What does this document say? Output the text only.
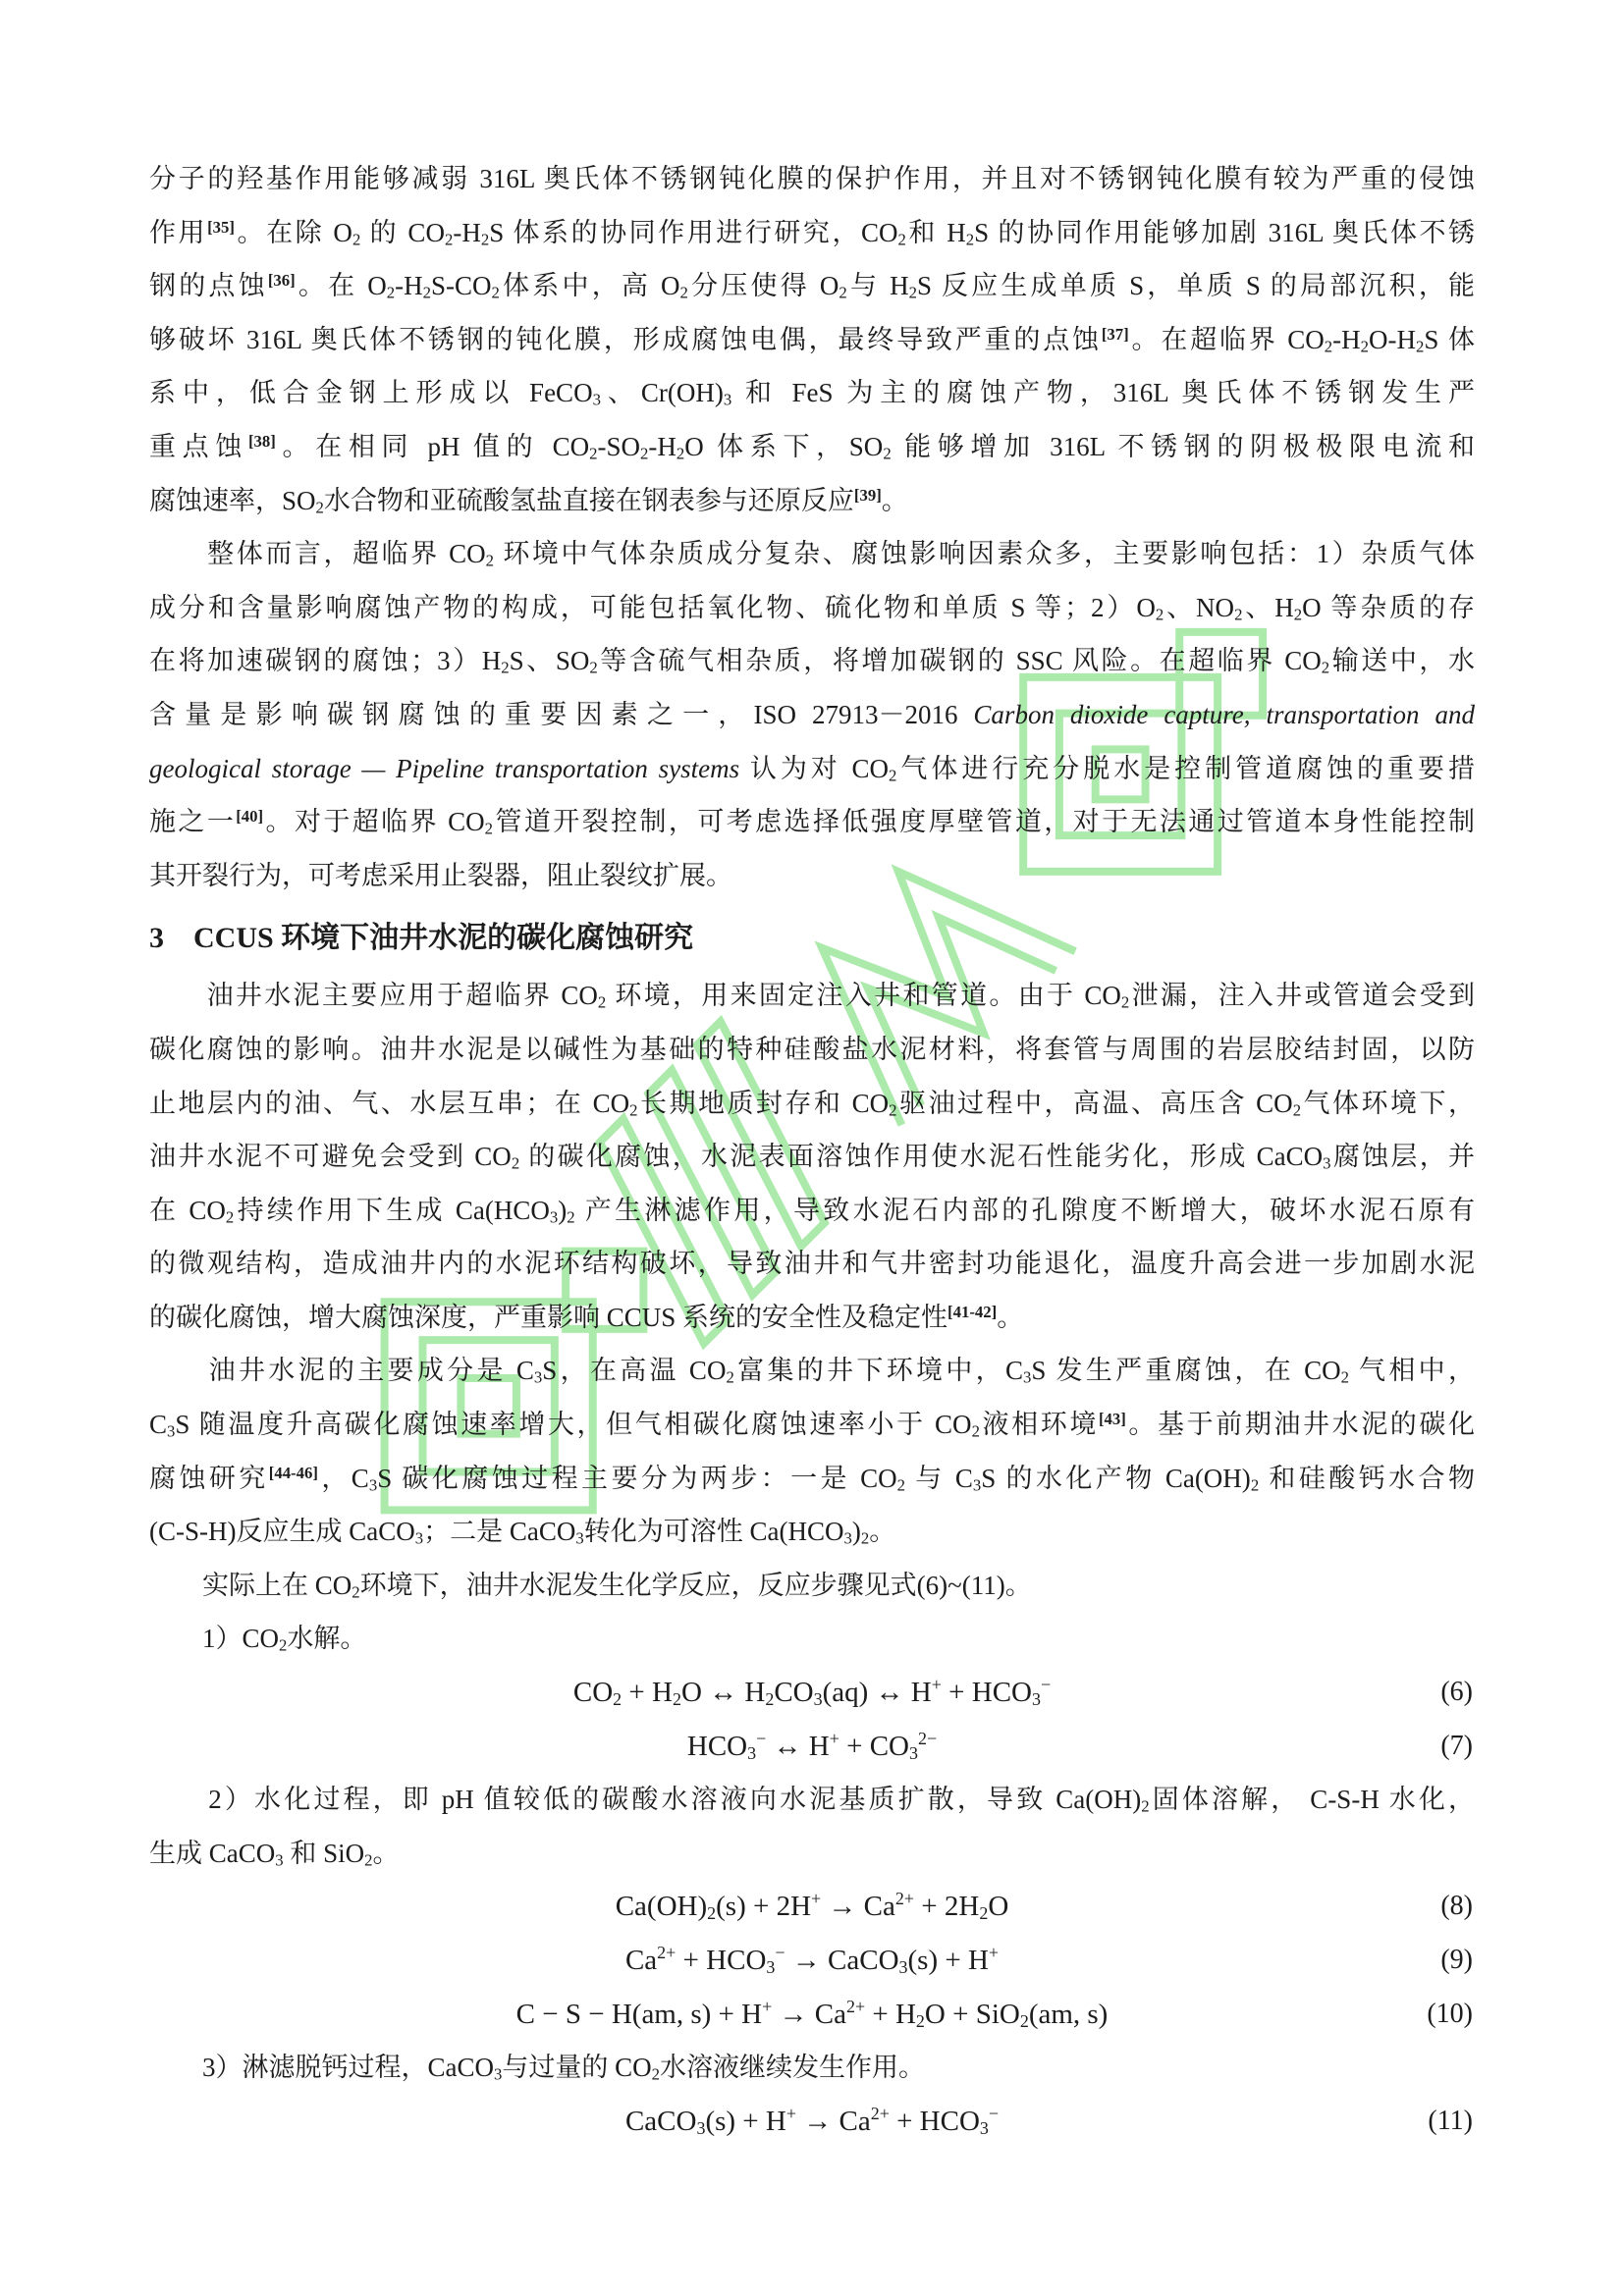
分子的羟基作用能够减弱 316L 奥氏体不锈钢钝化膜的保护作用，并且对不锈钢钝化膜有较为严重的侵蚀
作用[35]。在除 $O_2$ 的 $CO_2-H_2S$ 体系的协同作用进行研究，$CO_2$和 $H_2S$ 的协同作用能够加剧 316L 奥氏体不锈
钢的点蚀[36]。在 $O_2-H_2S-CO_2$体系中，高 $O_2$分压使得 $O_2$与 $H_2S$ 反应生成单质 S，单质 S 的局部沉积，能
够破坏 316L 奥氏体不锈钢的钝化膜，形成腐蚀电偶，最终导致严重的点蚀[37]。在超临界 $CO_2-H_2O-H_2S$ 体
系中，低合金钢上形成以 FeCO$_3$、$Cr(OH)_3$ 和 FeS 为主的腐蚀产物，316L 奥氏体不锈钢发生严
重点蚀[38]。在相同 pH 值的 $CO_2-SO_2-H_2O$ 体系下，$SO_2$ 能够增加 316L 不锈钢的阴极极限电流和
腐蚀速率，$SO_2$水合物和亚硫酸氢盐直接在钢表参与还原反应[39]。
　　整体而言，超临界 $CO_2$ 环境中气体杂质成分复杂、腐蚀影响因素众多，主要影响包括：1）杂质气体
成分和含量影响腐蚀产物的构成，可能包括氧化物、硫化物和单质 S 等；$2)O_2$、$NO_2$、$H_2O$ 等杂质的存
在将加速碳钢的腐蚀；$3)H_2S$、$SO_2$等含硫气相杂质，将增加碳钢的 SSC 风险。在超临界 $CO_2$输送中，水
含量是影响碳钢腐蚀的重要因素之一，ISO 27913－2016 Carbon dioxide capture, transportation and
geological storage — Pipeline transportation systems 认为对 $CO_2$气体进行充分脱水是控制管道腐蚀的重要措
施之一[40]。对于超临界 $CO_2$管道开裂控制，可考虑选择低强度厚壁管道，对于无法通过管道本身性能控制
其开裂行为，可考虑采用止裂器，阻止裂纹扩展。
3 CCUS 环境下油井水泥的碳化腐蚀研究
　　油井水泥主要应用于超临界 $CO_2$ 环境，用来固定注入井和管道。由于 $CO_2$泄漏，注入井或管道会受到
碳化腐蚀的影响。油井水泥是以碱性为基础的特种硅酸盐水泥材料，将套管与周围的岩层胶结封固，以防
止地层内的油、气、水层互串；在 $CO_2$长期地质封存和 $CO_2$驱油过程中，高温、高压含 $CO_2$气体环境下，
油井水泥不可避免会受到 $CO_2$ 的碳化腐蚀，水泥表面溶蚀作用使水泥石性能劣化，形成 CaCO$_3$腐蚀层，并
在 $CO_2$持续作用下生成 $Ca(HCO_3)_2$ 产生淋滤作用，导致水泥石内部的孔隙度不断增大，破坏水泥石原有
的微观结构，造成油井内的水泥环结构破坏，导致油井和气井密封功能退化，温度升高会进一步加剧水泥
的碳化腐蚀，增大腐蚀深度，严重影响 CCUS 系统的安全性及稳定性[41-42]。
　　油井水泥的主要成分是 $C_3S$，在高温 $CO_2$富集的井下环境中，$C_3S$ 发生严重腐蚀，在 $CO_2$ 气相中，
$C_3S$ 随温度升高碳化腐蚀速率增大，但气相碳化腐蚀速率小于 $CO_2$液相环境[43]。基于前期油井水泥的碳化
腐蚀研究[44-46]，$C_3S$ 碳化腐蚀过程主要分为两步：一是 $CO_2$ 与 $C_3S$ 的水化产物 $Ca(OH)_2$ 和硅酸钙水合物
(C-S-H)反应生成 CaCO$_3$；二是 CaCO$_3$转化为可溶性 $Ca(HCO_3)_2$。
　　实际上在 $CO_2$环境下，油井水泥发生化学反应，反应步骤见式(6)~(11)。
　　$1)CO_2$水解。
$CO_2 + H_2O$ ↔ $H_2CO_3(aq)$ ↔ $H^+ + HCO_3^-$	(6)
$HCO_3^-$ ↔ $H^+ + CO_3^{2-}$	(7)
　　2）水化过程，即 pH 值较低的碳酸水溶液向水泥基质扩散，导致 $Ca(OH)_2$固体溶解， C-S-H 水化，
生成 CaCO$_3$ 和 SiO$_2$。
$Ca(OH)_2(s) + 2H^+ \to Ca^{2+} + 2H_2O$	(8)
$Ca^{2+} + HCO_3^-$ → CaCO$_3$(s) + H+	(9)
C − S − H(am, $s) + H^+ \to Ca^{2+} + H_2O + SiO_2(am$, s)	(10)
　　3）淋滤脱钙过程，CaCO$_3$与过量的 $CO_2$水溶液继续发生作用。
CaCO$_3$(s) + $H^+ \to Ca^{2+} + HCO_3^-$	(11)
